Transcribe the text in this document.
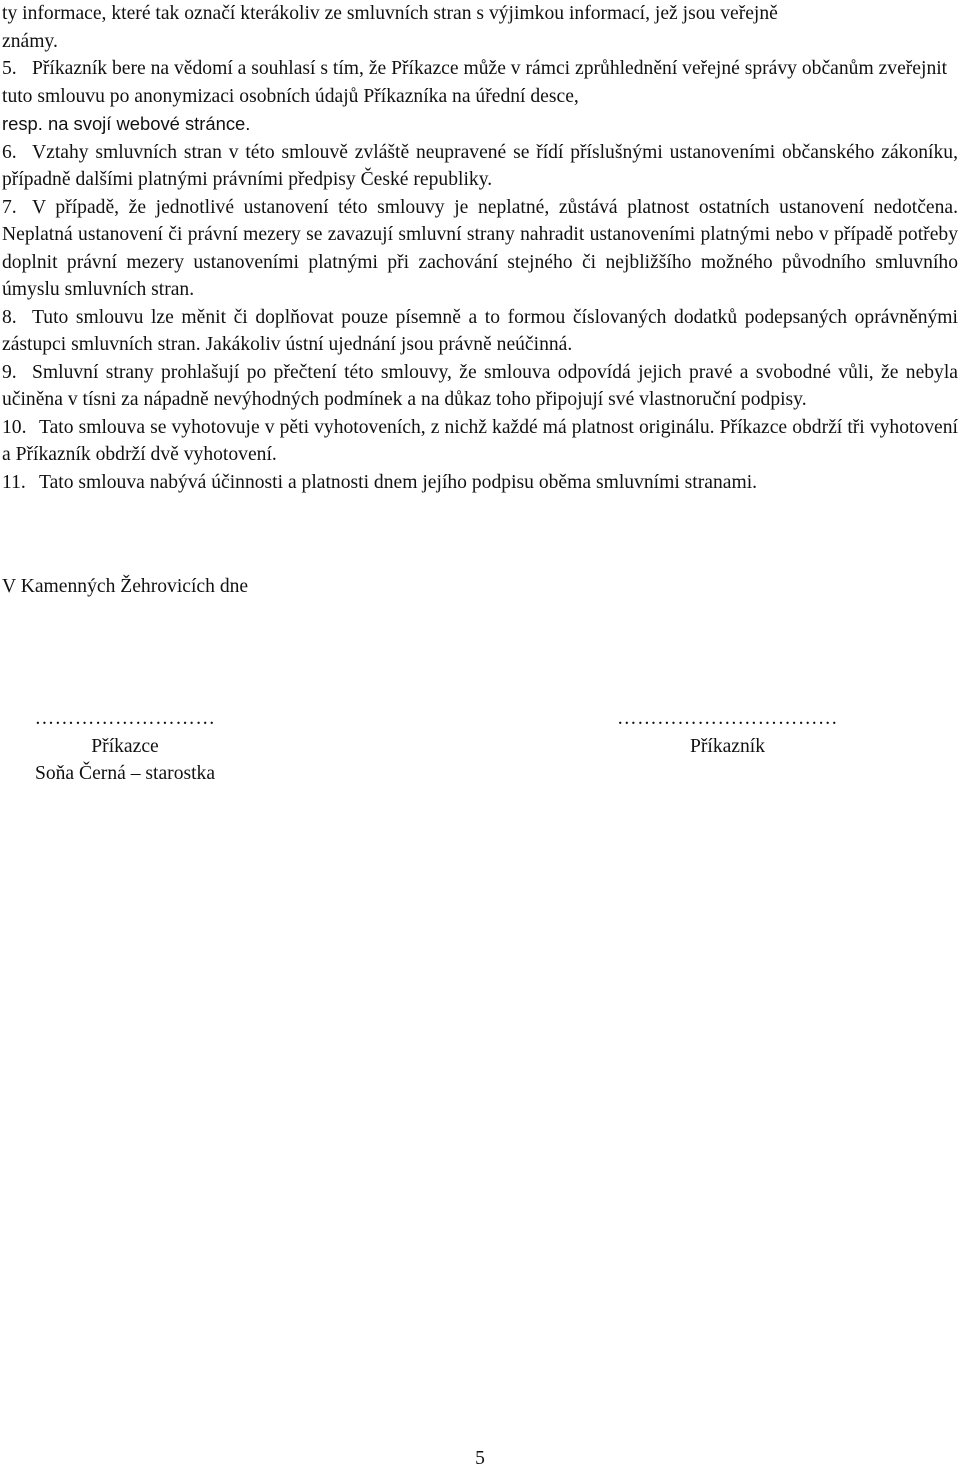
ty informace, které tak označí kterákoliv ze smluvních stran s výjimkou informací, jež jsou veřejně
známy.

5. Příkazník bere na vědomí a souhlasí s tím, že Příkazce může v rámci zprůhlednění veřejné správy občanům zveřejnit tuto smlouvu po anonymizaci osobních údajů Příkazníka na úřední desce,
resp. na svojí webové stránce.

6. Vztahy smluvních stran v této smlouvě zvláště neupravené se řídí příslušnými ustanoveními občanského zákoníku, případně dalšími platnými právními předpisy České republiky.

7. V případě, že jednotlivé ustanovení této smlouvy je neplatné, zůstává platnost ostatních ustanovení nedotčena. Neplatná ustanovení či právní mezery se zavazují smluvní strany nahradit ustanoveními platnými nebo v případě potřeby doplnit právní mezery ustanoveními platnými při zachování stejného či nejbližšího možného původního smluvního úmyslu smluvních stran.

8. Tuto smlouvu lze měnit či doplňovat pouze písemně a to formou číslovaných dodatků podepsaných oprávněnými zástupci smluvních stran. Jakákoliv ústní ujednání jsou právně neúčinná.

9. Smluvní strany prohlašují po přečtení této smlouvy, že smlouva odpovídá jejich pravé a svobodné vůli, že nebyla učiněna v tísni za nápadně nevýhodných podmínek a na důkaz toho připojují své vlastnoruční podpisy.

10. Tato smlouva se vyhotovuje v pěti vyhotoveních, z nichž každé má platnost originálu. Příkazce obdrží tři vyhotovení a Příkazník obdrží dvě vyhotovení.

11. Tato smlouva nabývá účinnosti a platnosti dnem jejího podpisu oběma smluvními stranami.

V Kamenných Žehrovicích dne
………………………
Příkazce
Soňa Černá – starostka
……………………………
Příkazník
5
